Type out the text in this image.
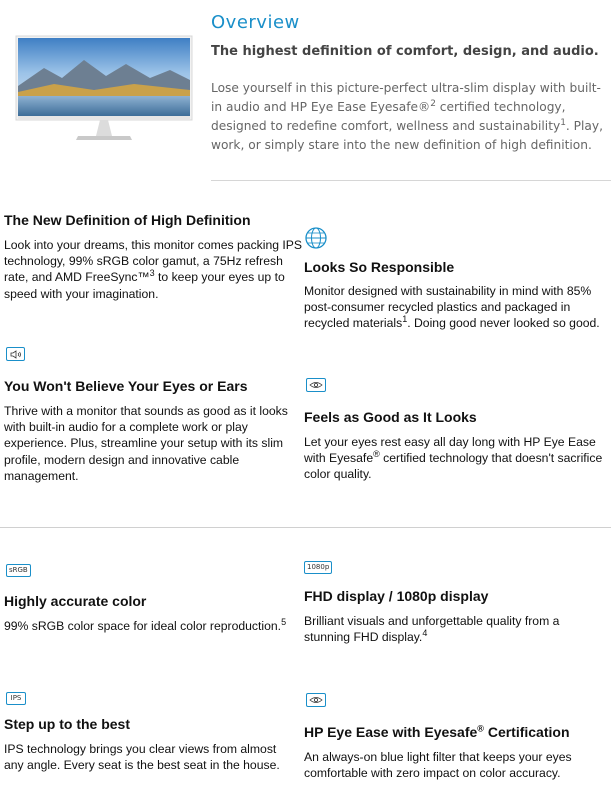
Overview
The highest definition of comfort, design, and audio.
Lose yourself in this picture-perfect ultra-slim display with built-in audio and HP Eye Ease Eyesafe®$^2$ certified technology, designed to redefine comfort, wellness and sustainability$^1$. Play, work, or simply stare into the new definition of high definition.
The New Definition of High Definition
Look into your dreams, this monitor comes packing IPS technology, 99% sRGB color gamut, a 75Hz refresh rate, and AMD FreeSync™$^3$ to keep your eyes up to speed with your imagination.
Looks So Responsible
Monitor designed with sustainability in mind with 85% post-consumer recycled plastics and packaged in recycled materials$^1$. Doing good never looked so good.
You Won't Believe Your Eyes or Ears
Thrive with a monitor that sounds as good as it looks with built-in audio for a complete work or play experience. Plus, streamline your setup with its slim profile, modern design and innovative cable management.
Feels as Good as It Looks
Let your eyes rest easy all day long with HP Eye Ease with Eyesafe® certified technology that doesn't sacrifice color quality.
sRGB
Highly accurate color
99% sRGB color space for ideal color reproduction.$^5$
1080p
FHD display / 1080p display
Brilliant visuals and unforgettable quality from a stunning FHD display.$^4$
IPS
Step up to the best
IPS technology brings you clear views from almost any angle. Every seat is the best seat in the house.
HP Eye Ease with Eyesafe® Certification
An always-on blue light filter that keeps your eyes comfortable with zero impact on color accuracy.
